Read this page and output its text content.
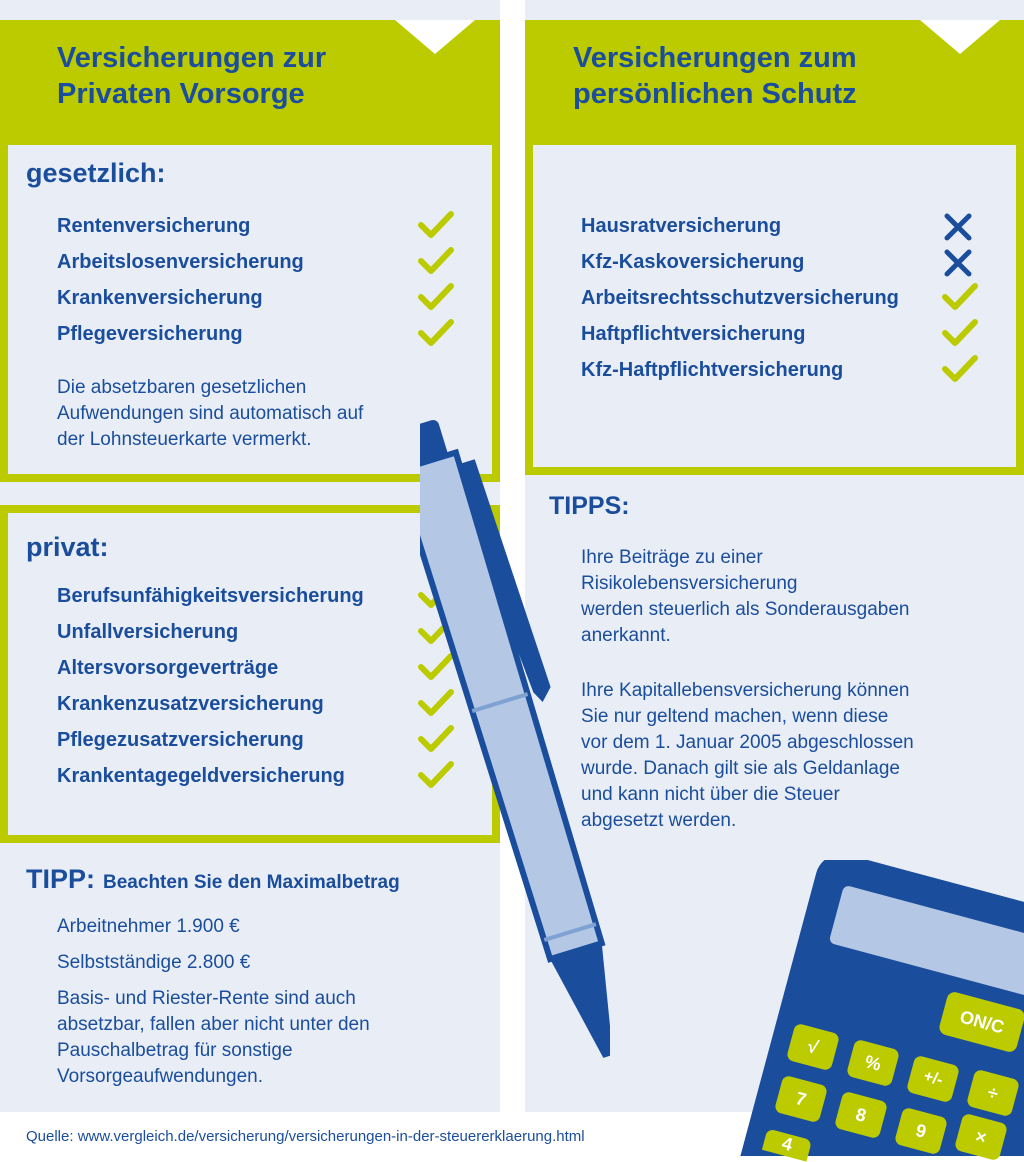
Versicherungen zur
Privaten Vorsorge
Versicherungen zum
persönlichen Schutz
gesetzlich:
Rentenversicherung
Arbeitslosenversicherung
Krankenversicherung
Pflegeversicherung
Die absetzbaren gesetzlichen
Aufwendungen sind automatisch auf
der Lohnsteuerkarte vermerkt.
Hausratversicherung
Kfz-Kaskoversicherung
Arbeitsrechtsschutzversicherung
Haftpflichtversicherung
Kfz-Haftpflichtversicherung
privat:
Berufsunfähigkeitsversicherung
Unfallversicherung
Altersvorsorgeverträge
Krankenzusatzversicherung
Pflegezusatzversicherung
Krankentagegeldversicherung
TIPP: Beachten Sie den Maximalbetrag
Arbeitnehmer 1.900 €
Selbstständige 2.800 €
Basis- und Riester-Rente sind auch
absetzbar, fallen aber nicht unter den
Pauschalbetrag für sonstige
Vorsorgeaufwendungen.
TIPPS:
Ihre Beiträge zu einer
Risikolebensversicherung
werden steuerlich als Sonderausgaben
anerkannt.
Ihre Kapitallebensversicherung können
Sie nur geltend machen, wenn diese
vor dem 1. Januar 2005 abgeschlossen
wurde. Danach gilt sie als Geldanlage
und kann nicht über die Steuer
abgesetzt werden.
ON/C
√
%
+/-
÷
7
8
9 ×
4
Quelle: www.vergleich.de/versicherung/versicherungen-in-der-steuererklaerung.html
